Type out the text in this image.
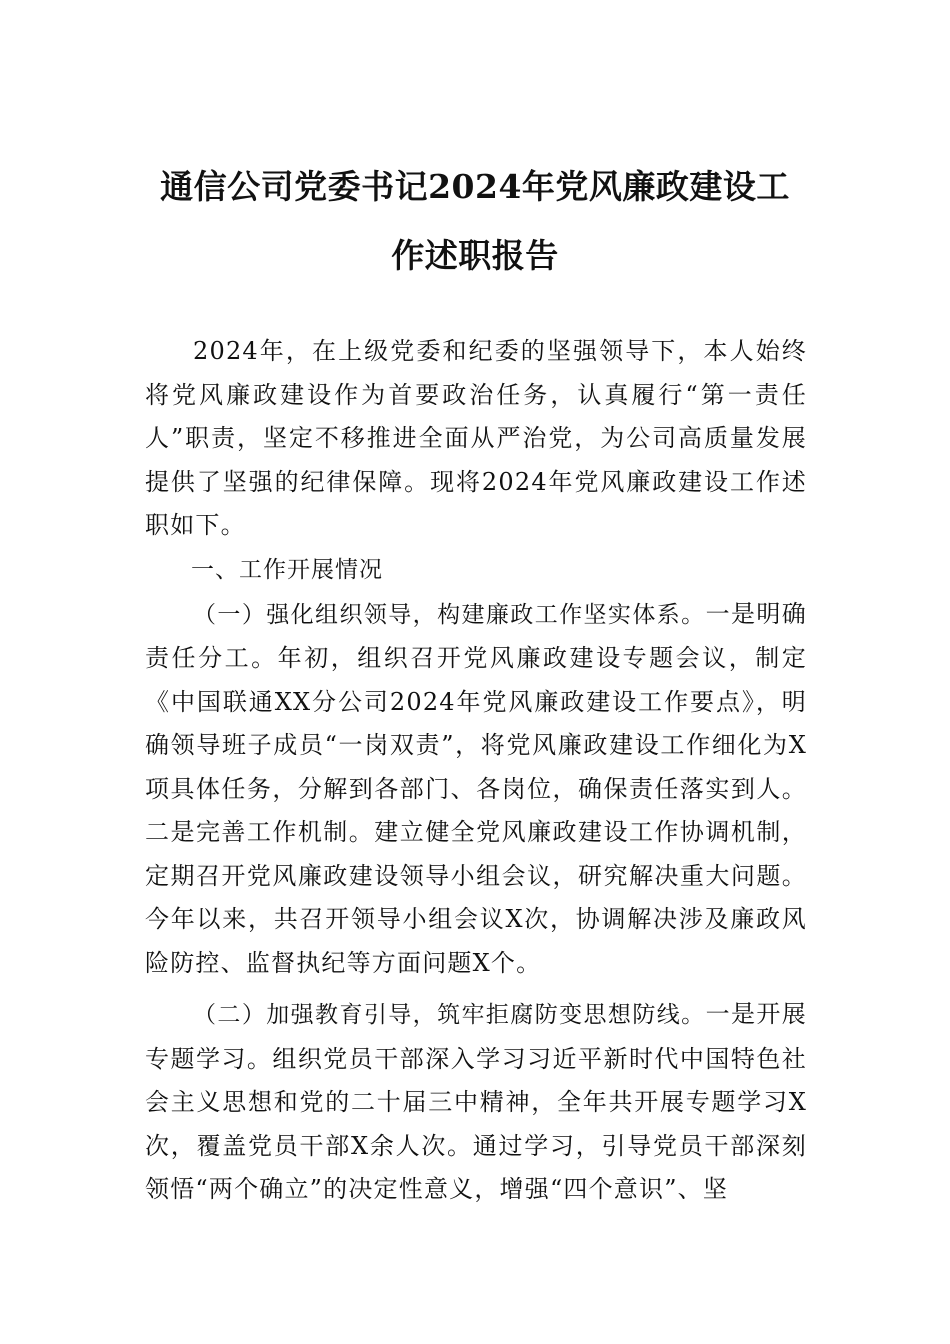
通信公司党委书记2024年党风廉政建设工
作述职报告

2024年，在上级党委和纪委的坚强领导下，本人始终将党风廉政建设作为首要政治任务，认真履行“第一责任人”职责，坚定不移推进全面从严治党，为公司高质量发展提供了坚强的纪律保障。现将2024年党风廉政建设工作述职如下。

一、工作开展情况

（一）强化组织领导，构建廉政工作坚实体系。一是明确责任分工。年初，组织召开党风廉政建设专题会议，制定《中国联通XX分公司2024年党风廉政建设工作要点》，明确领导班子成员“一岗双责”，将党风廉政建设工作细化为X项具体任务，分解到各部门、各岗位，确保责任落实到人。二是完善工作机制。建立健全党风廉政建设工作协调机制，定期召开党风廉政建设领导小组会议，研究解决重大问题。今年以来，共召开领导小组会议X次，协调解决涉及廉政风险防控、监督执纪等方面问题X个。

（二）加强教育引导，筑牢拒腐防变思想防线。一是开展专题学习。组织党员干部深入学习习近平新时代中国特色社会主义思想和党的二十届三中精神，全年共开展专题学习X次，覆盖党员干部X余人次。通过学习，引导党员干部深刻领悟“两个确立”的决定性意义，增强“四个意识”、坚
